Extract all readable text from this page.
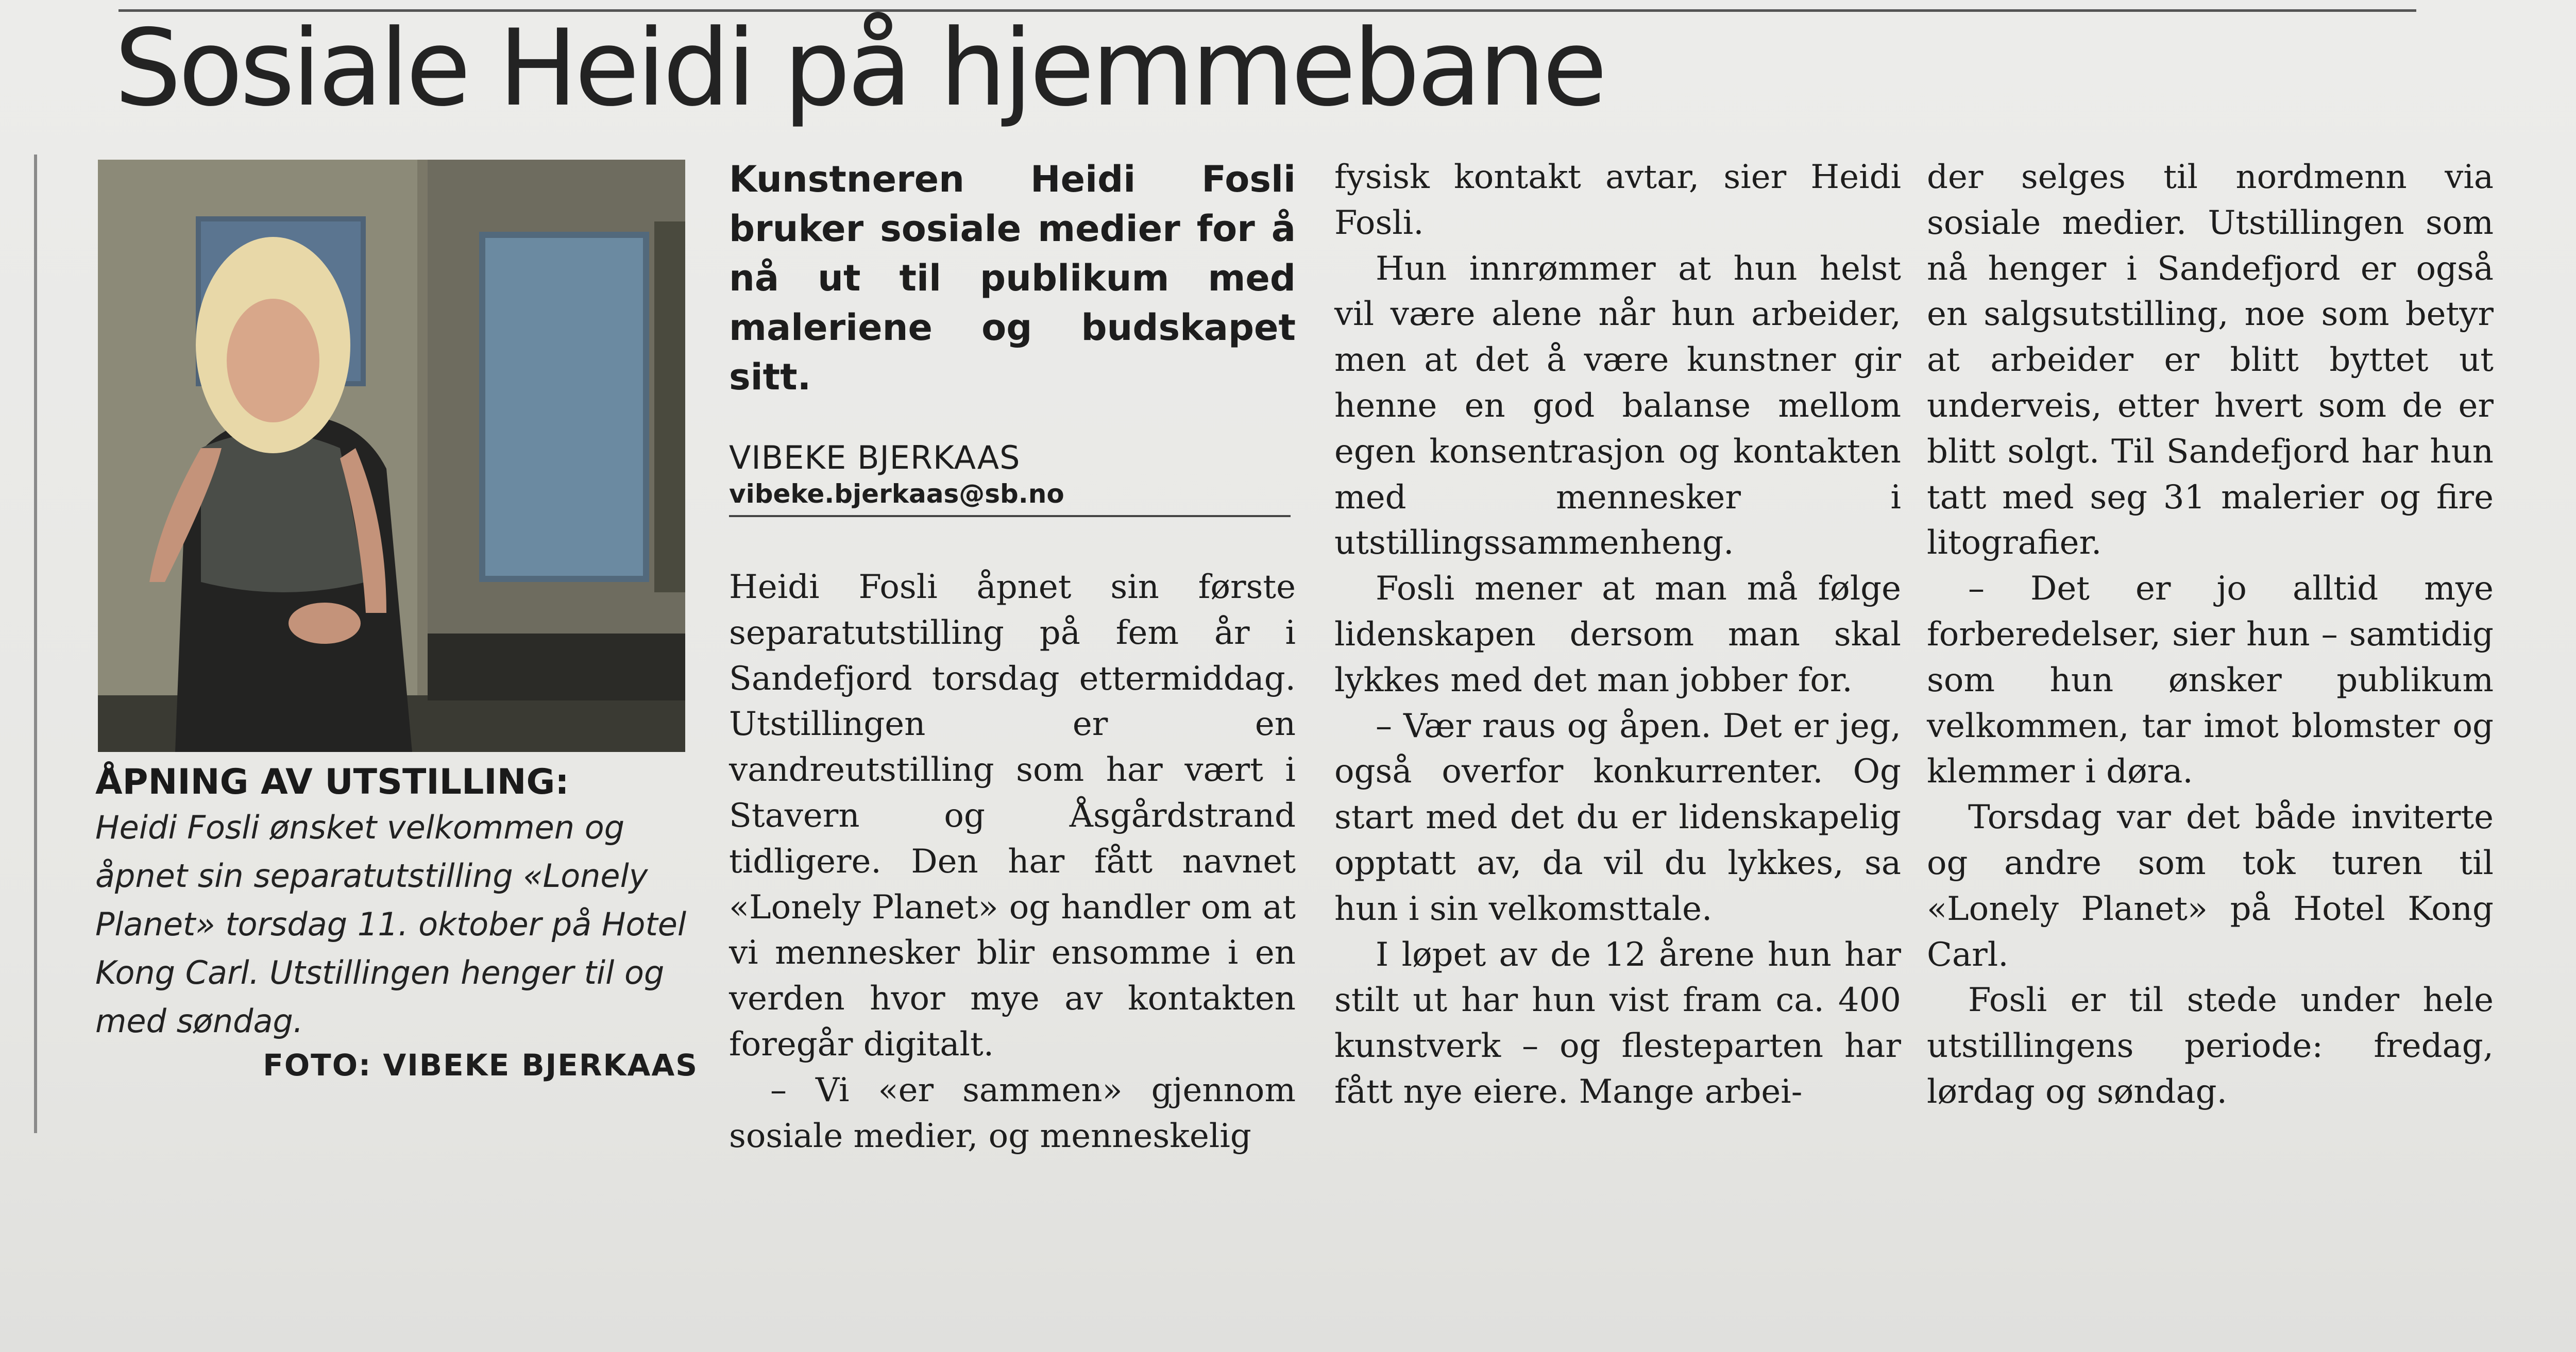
Sosiale Heidi på hjemmebane
ÅPNING AV UTSTILLING:
Heidi Fosli ønsket velkommen og åpnet sin separatutstilling «Lonely Planet» torsdag 11. oktober på Hotel Kong Carl. Utstillingen henger til og med søndag.
FOTO: VIBEKE BJERKAAS

Kunstneren Heidi Fosli bruker sosiale medier for å nå ut til publikum med maleriene og budskapet sitt.

VIBEKE BJERKAAS
vibeke.bjerkaas@sb.no

Heidi Fosli åpnet sin første separatutstilling på fem år i Sandefjord torsdag ettermiddag. Utstillingen er en vandreutstilling som har vært i Stavern og Åsgårdstrand tidligere. Den har fått navnet «Lonely Planet» og handler om at vi mennesker blir ensomme i en verden hvor mye av kontakten foregår digitalt.

– Vi «er sammen» gjennom sosiale medier, og menneskelig

fysisk kontakt avtar, sier Heidi Fosli.

Hun innrømmer at hun helst vil være alene når hun arbeider, men at det å være kunstner gir henne en god balanse mellom egen konsentrasjon og kontakten med mennesker i utstillingssammenheng.

Fosli mener at man må følge lidenskapen dersom man skal lykkes med det man jobber for.

– Vær raus og åpen. Det er jeg, også overfor konkurrenter. Og start med det du er lidenskapelig opptatt av, da vil du lykkes, sa hun i sin velkomsttale.

I løpet av de 12 årene hun har stilt ut har hun vist fram ca. 400 kunstverk – og flesteparten har fått nye eiere. Mange arbei-

der selges til nordmenn via sosiale medier. Utstillingen som nå henger i Sandefjord er også en salgsutstilling, noe som betyr at arbeider er blitt byttet ut underveis, etter hvert som de er blitt solgt. Til Sandefjord har hun tatt med seg 31 malerier og fire litografier.

– Det er jo alltid mye forberedelser, sier hun – samtidig som hun ønsker publikum velkommen, tar imot blomster og klemmer i døra.

Torsdag var det både inviterte og andre som tok turen til «Lonely Planet» på Hotel Kong Carl.

Fosli er til stede under hele utstillingens periode: fredag, lørdag og søndag.
